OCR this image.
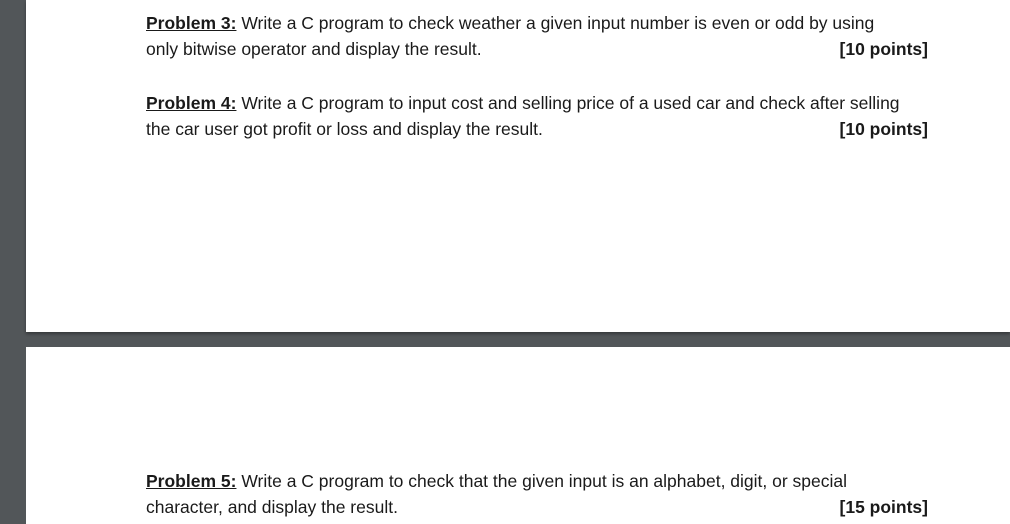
Problem 3: Write a C program to check weather a given input number is even or odd by using
only bitwise operator and display the result.	[10 points]
Problem 4: Write a C program to input cost and selling price of a used car and check after selling
the car user got profit or loss and display the result.	[10 points]
Problem 5: Write a C program to check that the given input is an alphabet, digit, or special
character, and display the result.	[15 points]
